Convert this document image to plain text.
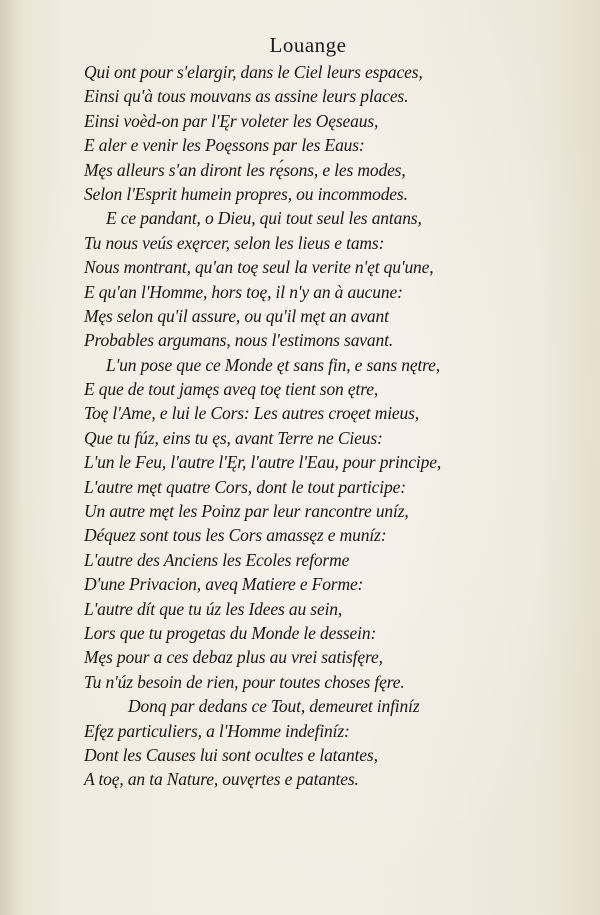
Louange
Qui ont pour s'elargir, dans le Ciel leurs espaces,
Einsi qu'à tous mouvans as assine leurs places.
Einsi voèd-on par l'Ęr voleter les Oęseaus,
E aler e venir les Poęssons par les Eaus:
Męs alleurs s'an diront les rę́sons, e les modes,
Selon l'Esprit humein propres, ou incommodes.
E ce pandant, o Dieu, qui tout seul les antans,
Tu nous veús exęrcer, selon les lieus e tams:
Nous montrant, qu'an toę seul la verite n'ęt qu'une,
E qu'an l'Homme, hors toę, il n'y an à aucune:
Męs selon qu'il assure, ou qu'il męt an avant
Probables argumans, nous l'estimons savant.
L'un pose que ce Monde ęt sans fin, e sans nętre,
E que de tout jamęs aveq toę tient son ętre,
Toę l'Ame, e lui le Cors: Les autres croęet mieus,
Que tu fúz, eins tu ęs, avant Terre ne Cieus:
L'un le Feu, l'autre l'Ęr, l'autre l'Eau, pour principe,
L'autre męt quatre Cors, dont le tout participe:
Un autre męt les Poinz par leur rancontre uníz,
Déquez sont tous les Cors amassęz e muníz:
L'autre des Anciens les Ecoles reforme
D'une Privacion, aveq Matiere e Forme:
L'autre dít que tu úz les Idees au sein,
Lors que tu progetas du Monde le dessein:
Męs pour a ces debaz plus au vrei satisfęre,
Tu n'úz besoin de rien, pour toutes choses fęre.
Donq par dedans ce Tout, demeuret infiníz
Efęz particuliers, a l'Homme indefiníz:
Dont les Causes lui sont ocultes e latantes,
A toę, an ta Nature, ouvęrtes e patantes.
